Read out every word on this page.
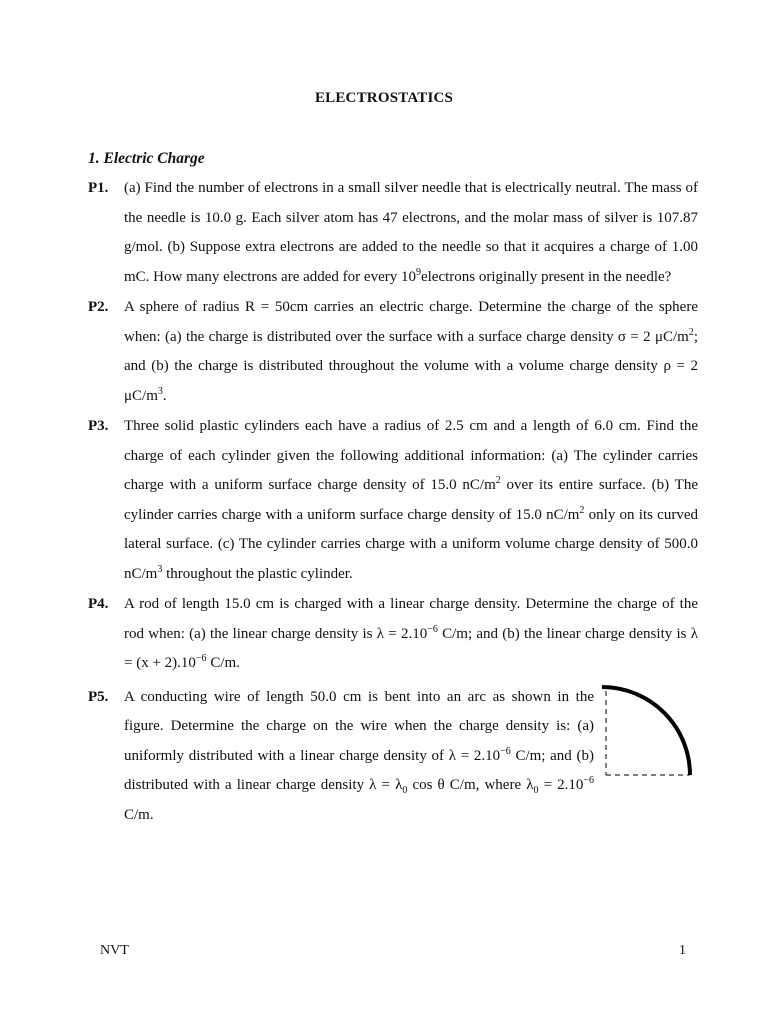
ELECTROSTATICS
1. Electric Charge
P1. (a) Find the number of electrons in a small silver needle that is electrically neutral. The mass of the needle is 10.0 g. Each silver atom has 47 electrons, and the molar mass of silver is 107.87 g/mol. (b) Suppose extra electrons are added to the needle so that it acquires a charge of 1.00 mC. How many electrons are added for every $10^9electrons$ originally present in the needle?
P2. A sphere of radius R = 50cm carries an electric charge. Determine the charge of the sphere when: (a) the charge is distributed over the surface with a surface charge density σ = 2 $\mu C/m^2$; and (b) the charge is distributed throughout the volume with a volume charge density ρ = 2 $\mu C/m^3$.
P3. Three solid plastic cylinders each have a radius of 2.5 cm and a length of 6.0 cm. Find the charge of each cylinder given the following additional information: (a) The cylinder carries charge with a uniform surface charge density of 15.0 $nC/m^2$ over its entire surface. (b) The cylinder carries charge with a uniform surface charge density of 15.0 $nC/m^2$ only on its curved lateral surface. (c) The cylinder carries charge with a uniform volume charge density of 500.0 $nC/m^3$ throughout the plastic cylinder.
P4. A rod of length 15.0 cm is charged with a linear charge density. Determine the charge of the rod when: (a) the linear charge density is $\lambda = 2.10^{-6}$ C/m; and (b) the linear charge density is $\lambda = (x + 2).10^{-6}$ C/m.
P5. A conducting wire of length 50.0 cm is bent into an arc as shown in the figure. Determine the charge on the wire when the charge density is: (a) uniformly distributed with a linear charge density of $\lambda = 2.10^{-6}$ C/m; and (b) distributed with a linear charge density $\lambda = \lambda_0$ cos θ C/m, where $\lambda_0 = 2.10^{-6}$ C/m.
NVT	1
